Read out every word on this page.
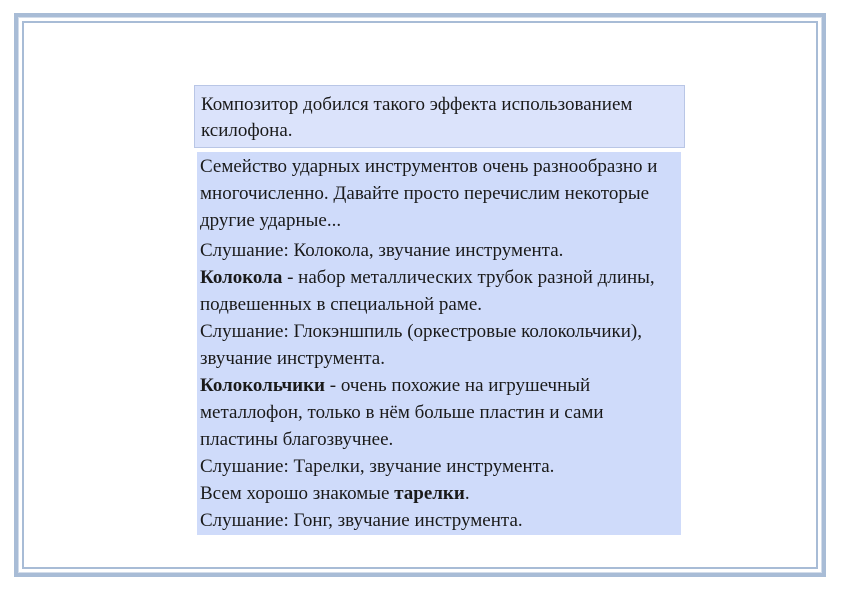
Композитор добился такого эффекта использованием ксилофона.
Семейство ударных инструментов очень разнообразно и многочисленно. Давайте просто перечислим некоторые другие ударные...
Слушание: Колокола, звучание инструмента.
Колокола - набор металлических трубок разной длины, подвешенных в специальной раме.
Слушание: Глокэншпиль (оркестровые колокольчики), звучание инструмента.
Колокольчики - очень похожие на игрушечный металлофон, только в нём больше пластин и сами пластины благозвучнее.
Слушание: Тарелки, звучание инструмента.
Всем хорошо знакомые тарелки.
Слушание: Гонг, звучание инструмента.
